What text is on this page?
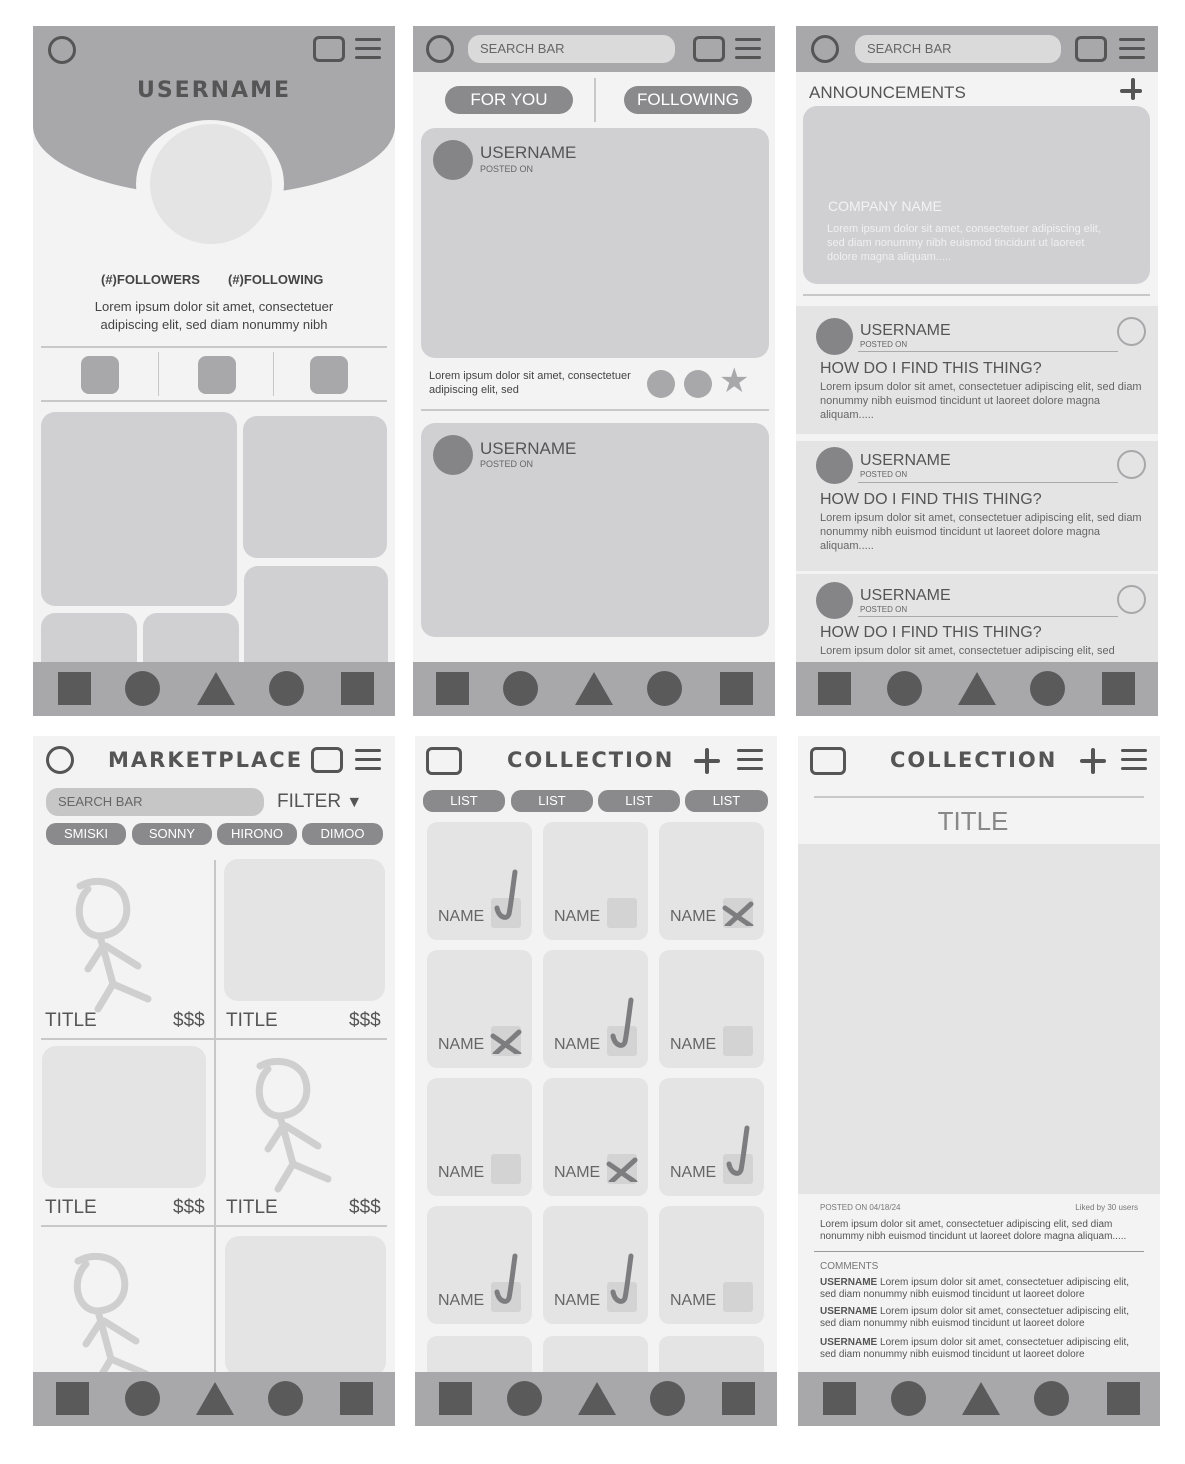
USERNAME
(#)FOLLOWERS (#)FOLLOWING
Lorem ipsum dolor sit amet, consectetuer adipiscing elit, sed diam nonummy nibh
SEARCH BAR
FOR YOU	FOLLOWING
USERNAME
POSTED ON
Lorem ipsum dolor sit amet, consectetuer adipiscing elit, sed	★
USERNAME
POSTED ON
SEARCH BAR
ANNOUNCEMENTS
COMPANY NAME
Lorem ipsum dolor sit amet, consectetuer adipiscing elit, sed diam nonummy nibh euismod tincidunt ut laoreet dolore magna aliquam.....
USERNAME
POSTED ON
HOW DO I FIND THIS THING?
Lorem ipsum dolor sit amet, consectetuer adipiscing elit, sed diam nonummy nibh euismod tincidunt ut laoreet dolore magna aliquam.....
USERNAME
POSTED ON
HOW DO I FIND THIS THING?
Lorem ipsum dolor sit amet, consectetuer adipiscing elit, sed diam nonummy nibh euismod tincidunt ut laoreet dolore magna aliquam.....
USERNAME
POSTED ON
HOW DO I FIND THIS THING?
Lorem ipsum dolor sit amet, consectetuer adipiscing elit, sed
MARKETPLACE
SEARCH BAR	FILTER ▼
SMISKI	SONNY	HIRONO	DIMOO
TITLE	$$$ TITLE	$$$
TITLE	$$$ TITLE	$$$
COLLECTION
LIST	LIST	LIST	LIST
NAME	NAME	NAME
NAME	NAME	NAME
NAME	NAME	NAME
NAME	NAME	NAME
COLLECTION
TITLE
POSTED ON 04/18/24	Liked by 30 users
Lorem ipsum dolor sit amet, consectetuer adipiscing elit, sed diam nonummy nibh euismod tincidunt ut laoreet dolore magna aliquam.....
COMMENTS
USERNAME Lorem ipsum dolor sit amet, consectetuer adipiscing elit, sed diam nonummy nibh euismod tincidunt ut laoreet dolore
USERNAME Lorem ipsum dolor sit amet, consectetuer adipiscing elit, sed diam nonummy nibh euismod tincidunt ut laoreet dolore
USERNAME Lorem ipsum dolor sit amet, consectetuer adipiscing elit, sed diam nonummy nibh euismod tincidunt ut laoreet dolore
